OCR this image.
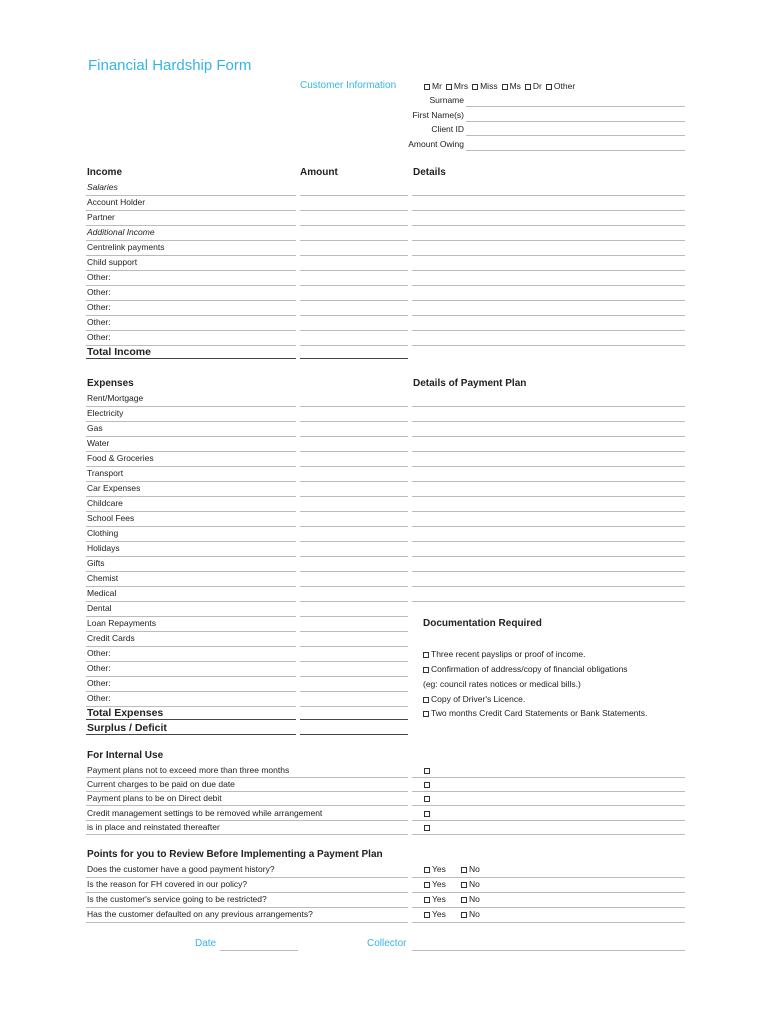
Financial Hardship Form
Customer Information	Mr Mrs Miss Ms Dr Other
Surname
First Name(s)
Client ID
Amount Owing
Income	Amount	Details
Salaries
Account Holder
Partner
Additional Income
Centrelink payments
Child support
Other:
Other:
Other:
Other:
Other:
Total Income
Expenses	Details of Payment Plan
Rent/Mortgage
Electricity
Gas
Water
Food & Groceries
Transport
Car Expenses
Childcare
School Fees
Clothing
Holidays
Gifts
Chemist
Medical
Dental
Loan Repayments
Credit Cards
Other:
Other:
Other:
Other:
Total Expenses
Surplus / Deficit
Documentation Required
Three recent payslips or proof of income.
Confirmation of address/copy of financial obligations
(eg: council rates notices or medical bills.)
Copy of Driver's Licence.
Two months Credit Card Statements or Bank Statements.
For Internal Use
Payment plans not to exceed more than three months
Current charges to be paid on due date
Payment plans to be on Direct debit
Credit management settings to be removed while arrangement
is in place and reinstated thereafter
Points for you to Review Before Implementing a Payment Plan
Does the customer have a good payment history?	Yes	No
Is the reason for FH covered in our policy?	Yes	No
Is the customer's service going to be restricted?	Yes	No
Has the customer defaulted on any previous arrangements?	Yes	No
Date	Collector
